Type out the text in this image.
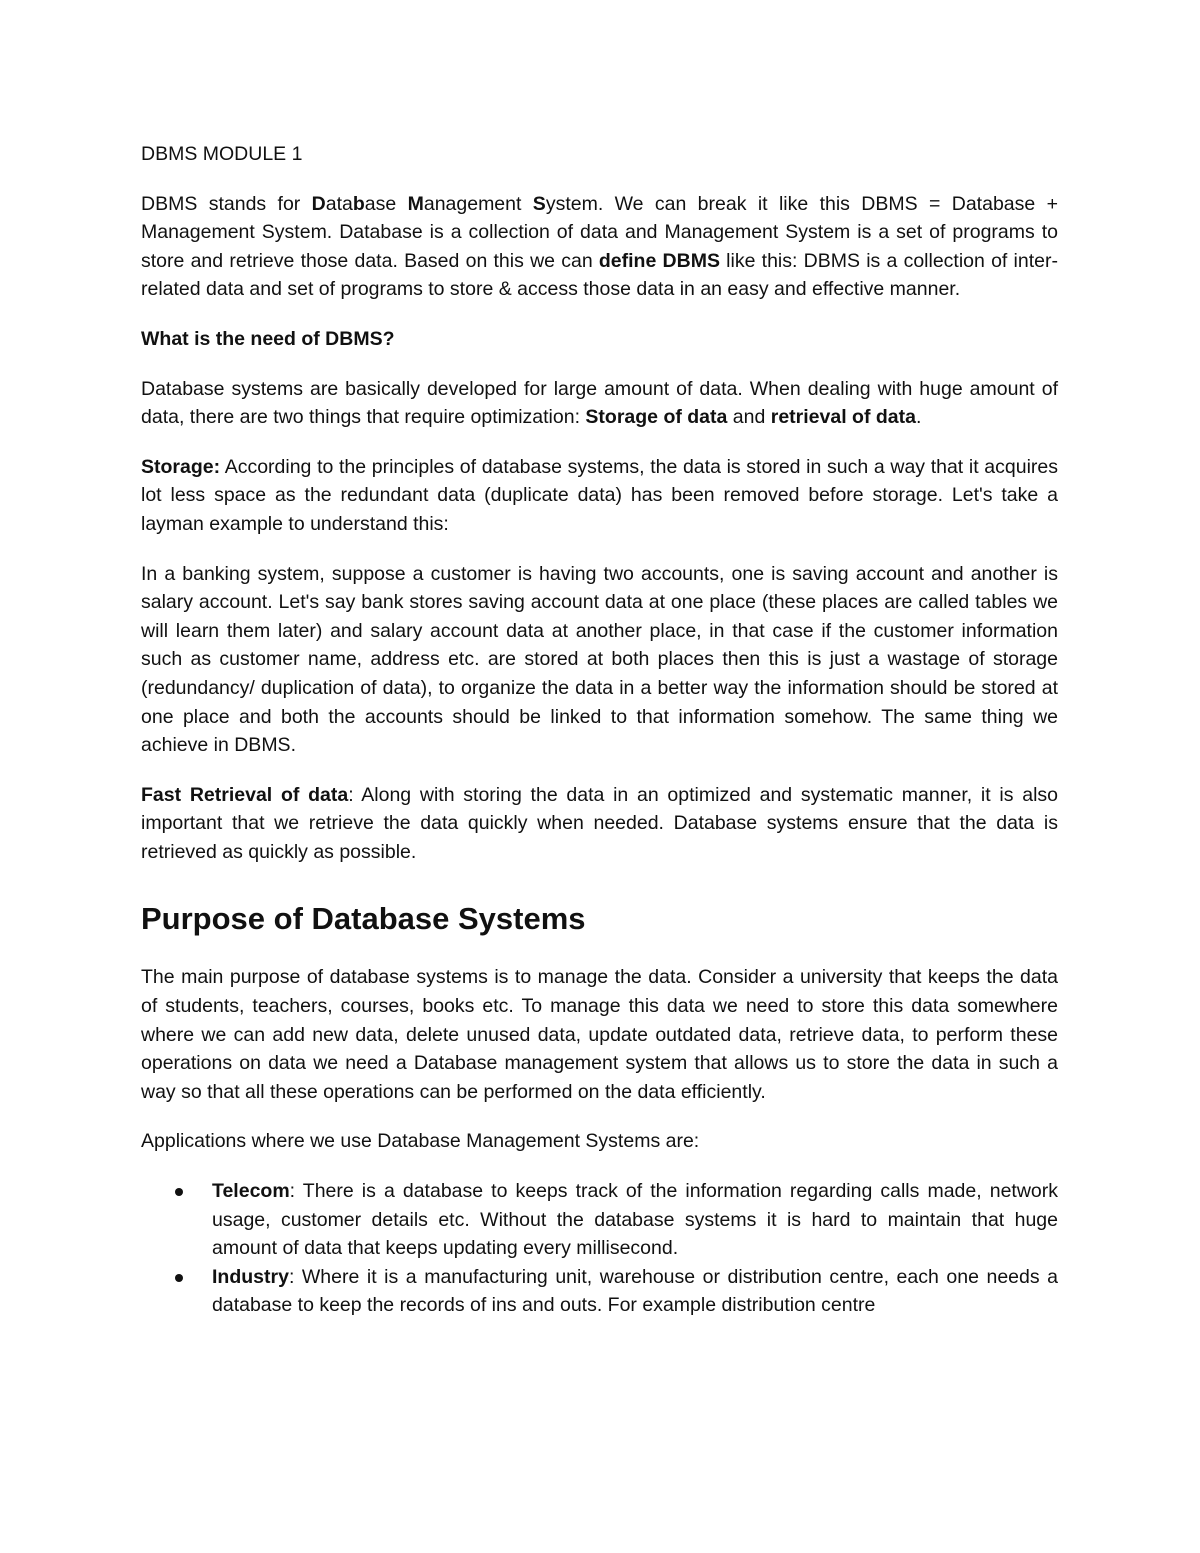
DBMS MODULE 1

DBMS stands for Database Management System. We can break it like this DBMS = Database + Management System. Database is a collection of data and Management System is a set of programs to store and retrieve those data. Based on this we can define DBMS like this: DBMS is a collection of inter-related data and set of programs to store & access those data in an easy and effective manner.

What is the need of DBMS?

Database systems are basically developed for large amount of data. When dealing with huge amount of data, there are two things that require optimization: Storage of data and retrieval of data.

Storage: According to the principles of database systems, the data is stored in such a way that it acquires lot less space as the redundant data (duplicate data) has been removed before storage. Let's take a layman example to understand this:

In a banking system, suppose a customer is having two accounts, one is saving account and another is salary account. Let's say bank stores saving account data at one place (these places are called tables we will learn them later) and salary account data at another place, in that case if the customer information such as customer name, address etc. are stored at both places then this is just a wastage of storage (redundancy/ duplication of data), to organize the data in a better way the information should be stored at one place and both the accounts should be linked to that information somehow. The same thing we achieve in DBMS.

Fast Retrieval of data: Along with storing the data in an optimized and systematic manner, it is also important that we retrieve the data quickly when needed. Database systems ensure that the data is retrieved as quickly as possible.

Purpose of Database Systems

The main purpose of database systems is to manage the data. Consider a university that keeps the data of students, teachers, courses, books etc. To manage this data we need to store this data somewhere where we can add new data, delete unused data, update outdated data, retrieve data, to perform these operations on data we need a Database management system that allows us to store the data in such a way so that all these operations can be performed on the data efficiently.

Applications where we use Database Management Systems are:

Telecom: There is a database to keeps track of the information regarding calls made, network usage, customer details etc. Without the database systems it is hard to maintain that huge amount of data that keeps updating every millisecond.
Industry: Where it is a manufacturing unit, warehouse or distribution centre, each one needs a database to keep the records of ins and outs. For example distribution centre
